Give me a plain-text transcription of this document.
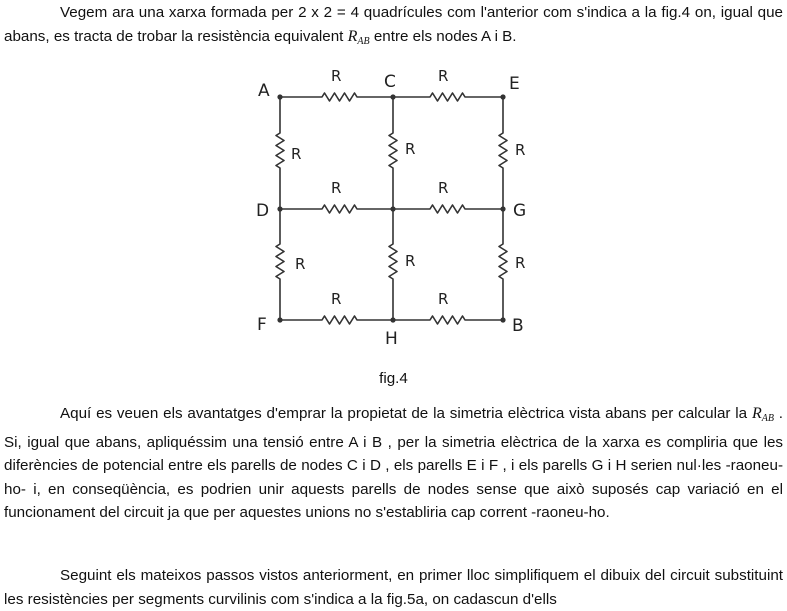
Vegem ara una xarxa formada per 2 x 2 = 4 quadrícules com l'anterior com s'indica a la fig.4 on, igual que abans, es tracta de trobar la resistència equivalent $R_{AB}$ entre els nodes A i B.

A	C	E
D	G
F
H
B
R	R
R	R
R	R
R	R	R
R	R	R
fig.4

Aquí es veuen els avantatges d'emprar la propietat de la simetria elèctrica vista abans per calcular la $R_{AB}$ . Si, igual que abans, apliquéssim una tensió entre A i B , per la simetria elèctrica de la xarxa es compliria que les diferències de potencial entre els parells de nodes C i D , els parells E i F , i els parells G i H serien nul·les -raoneu-ho- i, en conseqüència, es podrien unir aquests parells de nodes sense que això suposés cap variació en el funcionament del circuit ja que per aquestes unions no s'establiria cap corrent -raoneu-ho.

Seguint els mateixos passos vistos anteriorment, en primer lloc simplifiquem el dibuix del circuit substituint les resistències per segments curvilinis com s'indica a la fig.5a, on cadascun d'ells
